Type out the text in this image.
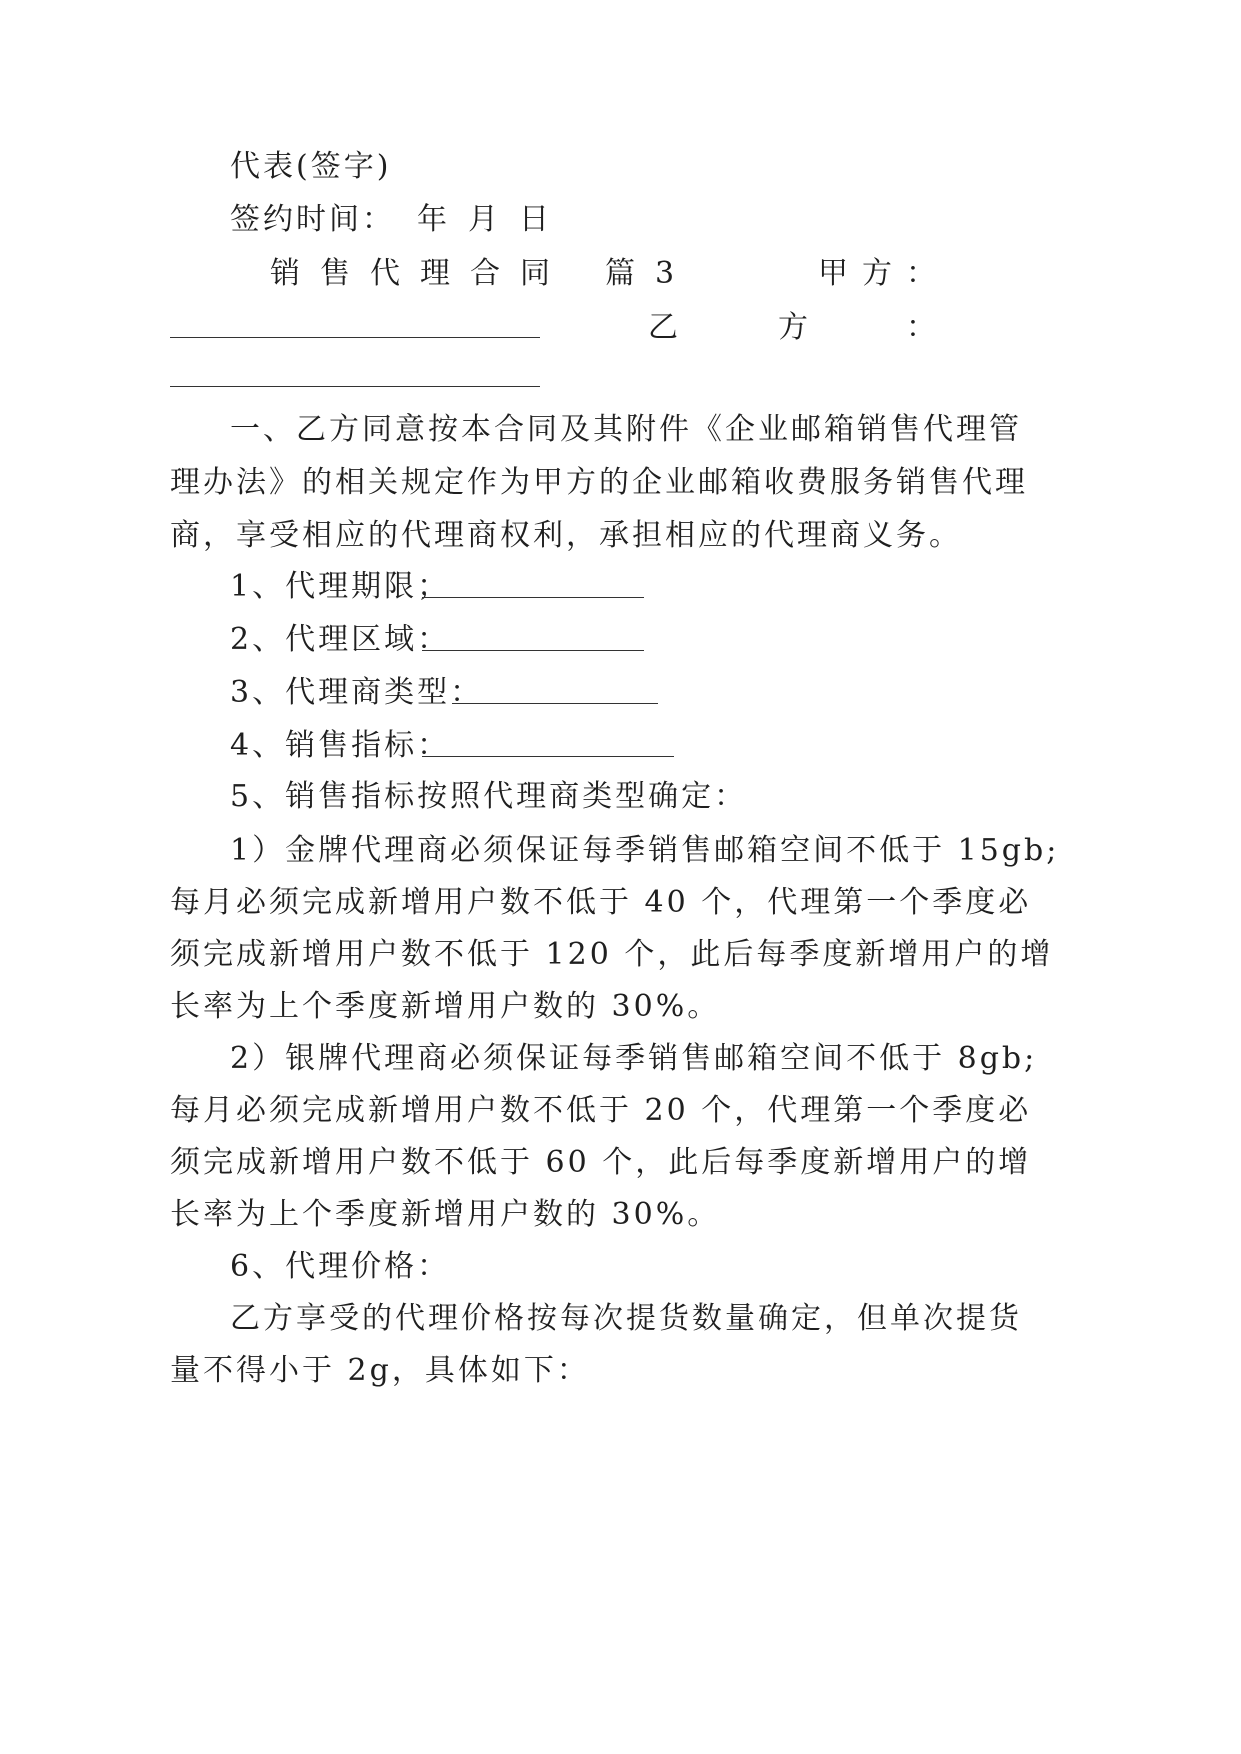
代表(签字)
签约时间： 年 月 日
销 售 代 理 合 同 篇 3	甲 方 ：
乙	方	：
一、乙方同意按本合同及其附件《企业邮箱销售代理管
理办法》的相关规定作为甲方的企业邮箱收费服务销售代理
商，享受相应的代理商权利，承担相应的代理商义务。
1、代理期限；
2、代理区域：
3、代理商类型：
4、销售指标：
5、销售指标按照代理商类型确定：
1）金牌代理商必须保证每季销售邮箱空间不低于 15gb;
每月必须完成新增用户数不低于 40 个，代理第一个季度必
须完成新增用户数不低于 120 个，此后每季度新增用户的增
长率为上个季度新增用户数的 30%。
2）银牌代理商必须保证每季销售邮箱空间不低于 8gb;
每月必须完成新增用户数不低于 20 个，代理第一个季度必
须完成新增用户数不低于 60 个，此后每季度新增用户的增
长率为上个季度新增用户数的 30%。
6、代理价格：
乙方享受的代理价格按每次提货数量确定，但单次提货
量不得小于 2g，具体如下：
